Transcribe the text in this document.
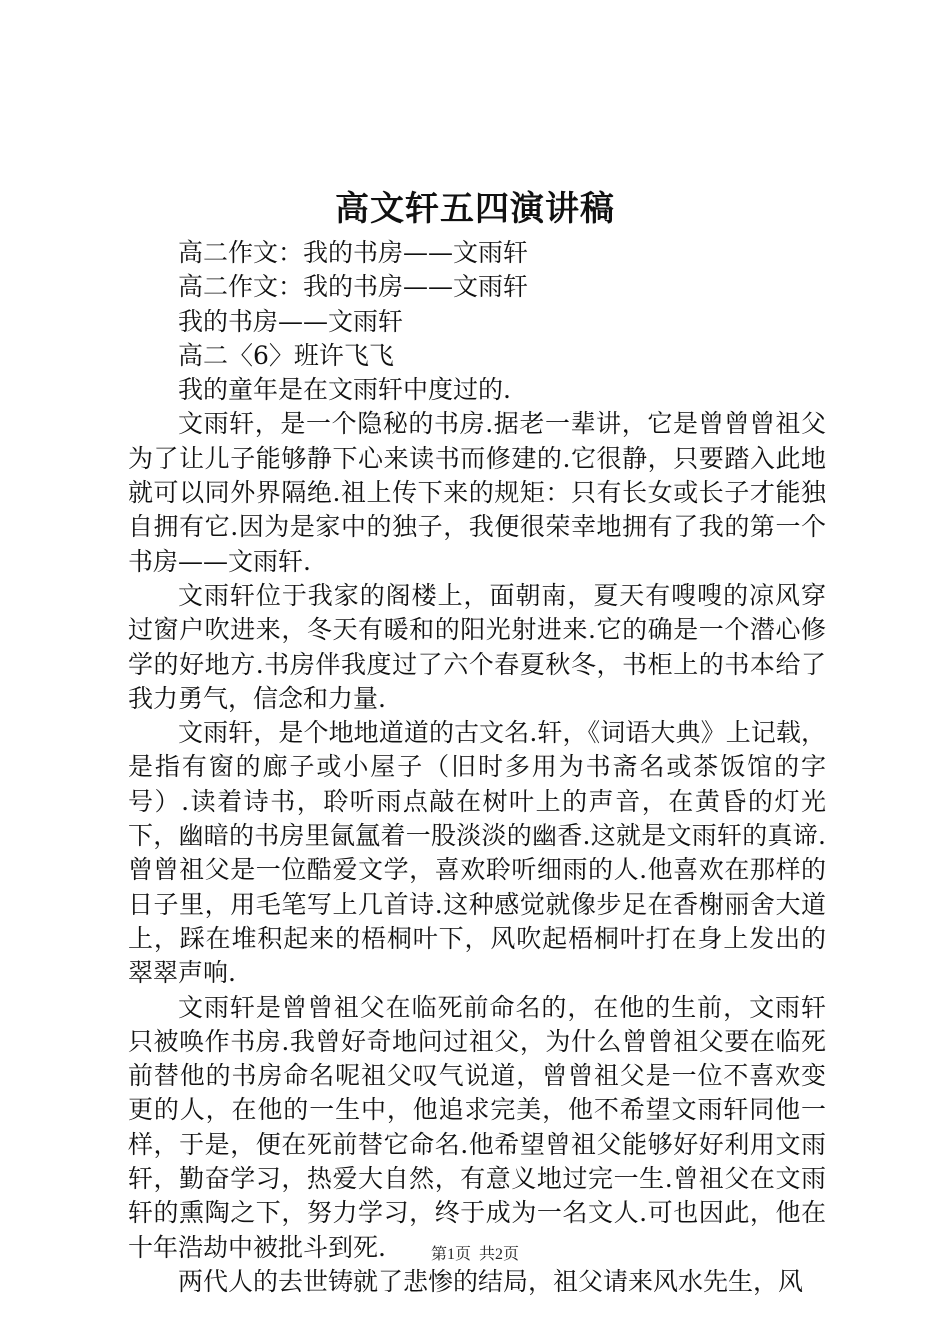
高文轩五四演讲稿

高二作文：我的书房——文雨轩

高二作文：我的书房——文雨轩

我的书房——文雨轩

高二〈6〉班许飞飞

我的童年是在文雨轩中度过的.

文雨轩，是一个隐秘的书房.据老一辈讲，它是曾曾曾祖父为了让儿子能够静下心来读书而修建的.它很静，只要踏入此地就可以同外界隔绝.祖上传下来的规矩：只有长女或长子才能独自拥有它.因为是家中的独子，我便很荣幸地拥有了我的第一个书房——文雨轩.

文雨轩位于我家的阁楼上，面朝南，夏天有嗖嗖的凉风穿过窗户吹进来，冬天有暖和的阳光射进来.它的确是一个潜心修学的好地方.书房伴我度过了六个春夏秋冬，书柜上的书本给了我力勇气，信念和力量.

文雨轩，是个地地道道的古文名.轩，《词语大典》上记载，是指有窗的廊子或小屋子（旧时多用为书斋名或茶饭馆的字号）.读着诗书，聆听雨点敲在树叶上的声音，在黄昏的灯光下，幽暗的书房里氤氲着一股淡淡的幽香.这就是文雨轩的真谛.曾曾祖父是一位酷爱文学，喜欢聆听细雨的人.他喜欢在那样的日子里，用毛笔写上几首诗.这种感觉就像步足在香榭丽舍大道上，踩在堆积起来的梧桐叶下，风吹起梧桐叶打在身上发出的翠翠声响.

文雨轩是曾曾祖父在临死前命名的，在他的生前，文雨轩只被唤作书房.我曾好奇地问过祖父，为什么曾曾祖父要在临死前替他的书房命名呢祖父叹气说道，曾曾祖父是一位不喜欢变更的人，在他的一生中，他追求完美，他不希望文雨轩同他一样，于是，便在死前替它命名.他希望曾祖父能够好好利用文雨轩，勤奋学习，热爱大自然，有意义地过完一生.曾祖父在文雨轩的熏陶之下，努力学习，终于成为一名文人.可也因此，他在十年浩劫中被批斗到死.

两代人的去世铸就了悲惨的结局，祖父请来风水先生，风

第1页 共2页
